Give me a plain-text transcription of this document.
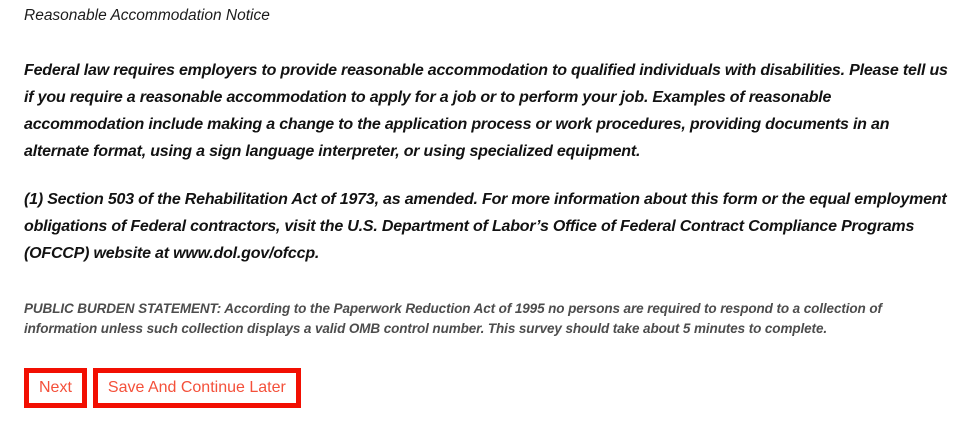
Reasonable Accommodation Notice

Federal law requires employers to provide reasonable accommodation to qualified individuals with disabilities. Please tell us if you require a reasonable accommodation to apply for a job or to perform your job. Examples of reasonable accommodation include making a change to the application process or work procedures, providing documents in an alternate format, using a sign language interpreter, or using specialized equipment.

(1) Section 503 of the Rehabilitation Act of 1973, as amended. For more information about this form or the equal employment obligations of Federal contractors, visit the U.S. Department of Labor’s Office of Federal Contract Compliance Programs (OFCCP) website at www.dol.gov/ofccp.

PUBLIC BURDEN STATEMENT: According to the Paperwork Reduction Act of 1995 no persons are required to respond to a collection of information unless such collection displays a valid OMB control number. This survey should take about 5 minutes to complete.

Next	Save And Continue Later
